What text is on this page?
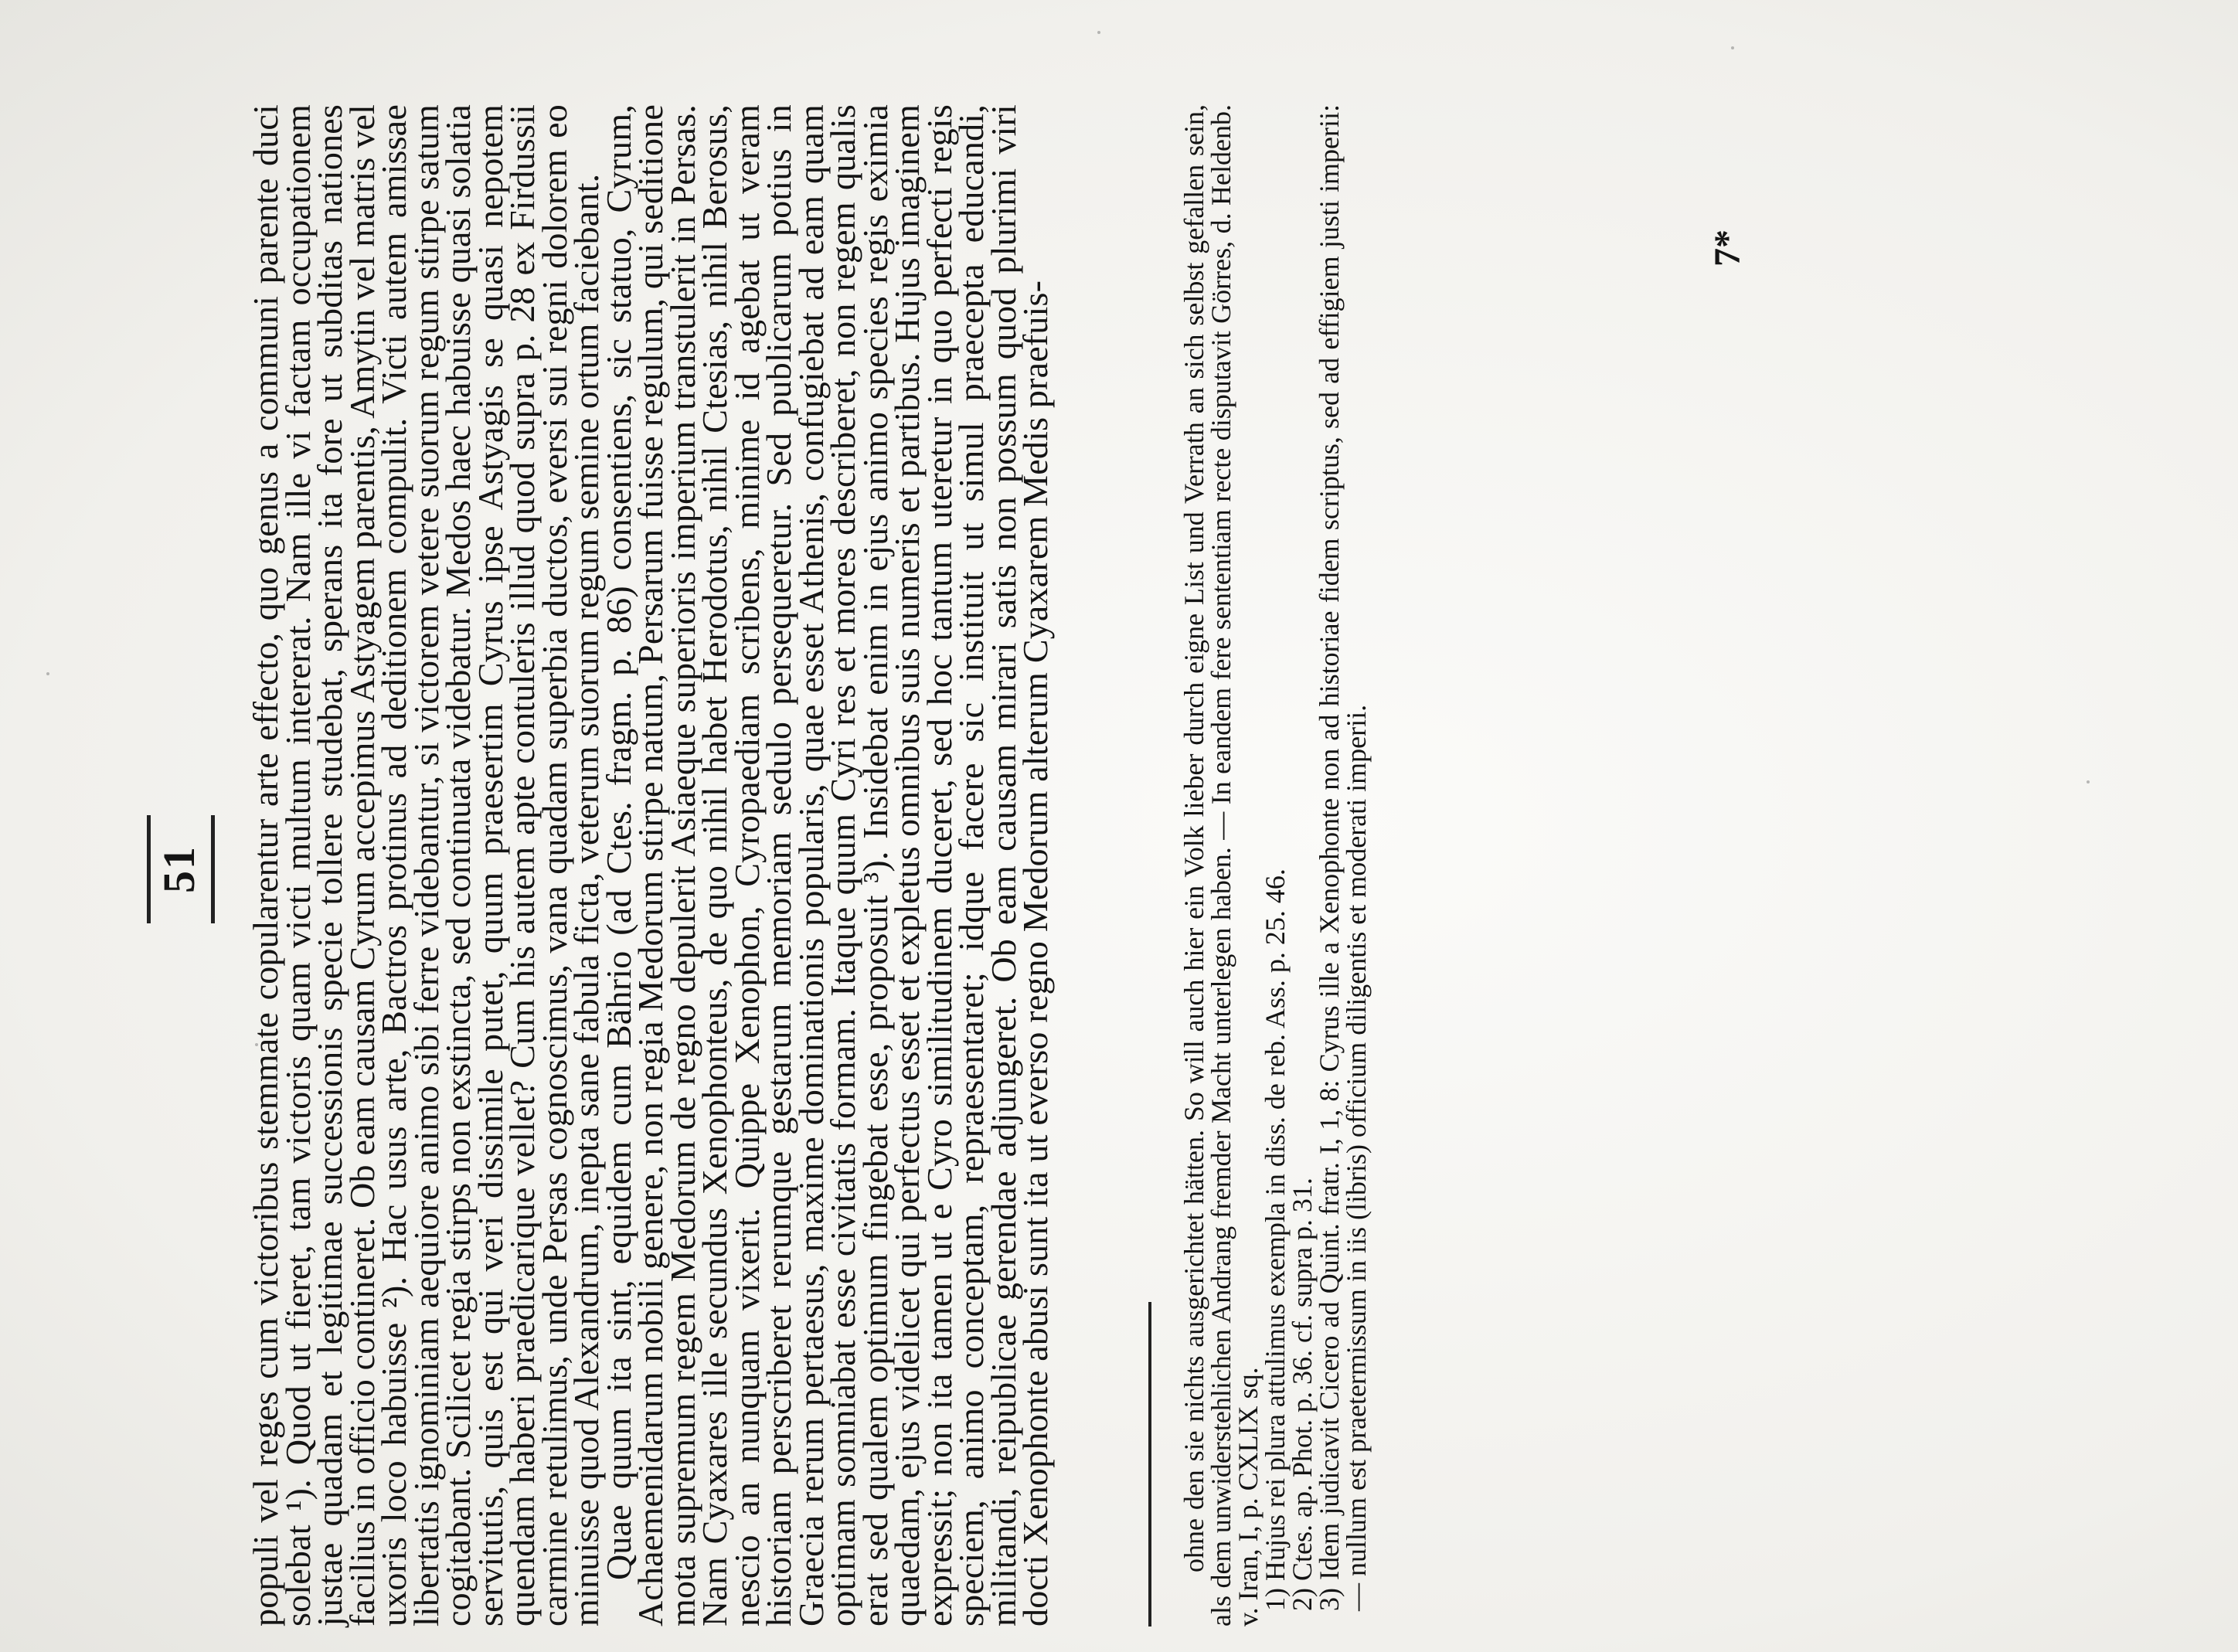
51 populi vel reges cum victoribus stemmate copularentur arte effecto, quo genus a communi parente duci solebat ¹). Quod ut fieret, tam victoris quam victi multum intererat. Nam ille vi factam occupationem justae quadam et legitimae successionis specie tollere studebat, sperans ita fore ut subditas nationes facilius in officio contineret. Ob eam causam Cyrum accepimus Astyagem parentis, Amytin vel matris vel uxoris loco habuisse ²). Hac usus arte, Bactros protinus ad deditionem compulit. Victi autem amissae libertatis ignominiam aequiore animo sibi ferre videbantur, si victorem vetere suorum regum stirpe satum cogitabant. Scilicet regia stirps non exstincta, sed continuata videbatur. Medos haec habuisse quasi solatia servitutis, quis est qui veri dissimile putet, quum praesertim Cyrus ipse Astyagis se quasi nepotem quendam haberi praedicarique vellet? Cum his autem apte contuleris illud quod supra p. 28 ex Firdussii carmine retulimus, unde Persas cognoscimus, vana quadam superbia ductos, eversi sui regni dolorem eo minuisse quod Alexandrum, inepta sane fabula ficta, veterum suorum regum semine ortum faciebant.

Quae quum ita sint, equidem cum Bährio (ad Ctes. fragm. p. 86) consentiens, sic statuo, Cyrum, Achaemenidarum nobili genere, non regia Medorum stirpe natum, Persarum fuisse regulum, qui seditione mota supremum regem Medorum de regno depulerit Asiaeque superioris imperium transtulerit in Persas. Nam Cyaxares ille secundus Xenophonteus, de quo nihil habet Herodotus, nihil Ctesias, nihil Berosus, nescio an nunquam vixerit. Quippe Xenophon, Cyropaediam scribens, minime id agebat ut veram historiam perscriberet rerumque gestarum memoriam sedulo persequeretur. Sed publicarum potius in Graecia rerum pertaesus, maxime dominationis popularis, quae esset Athenis, confugiebat ad eam quam optimam somniabat esse civitatis formam. Itaque quum Cyri res et mores describeret, non regem qualis erat sed qualem optimum fingebat esse, proposuit ³). Insidebat enim in ejus animo species regis eximia quaedam, ejus videlicet qui perfectus esset et expletus omnibus suis numeris et partibus. Hujus imaginem expressit; non ita tamen ut e Cyro similitudinem duceret, sed hoc tantum uteretur in quo perfecti regis speciem, animo conceptam, repraesentaret; idque facere sic instituit ut simul praecepta educandi, militandi, reipublicae gerendae adjungeret. Ob eam causam mirari satis non possum quod plurimi viri docti Xenophonte abusi sunt ita ut everso regno Medorum alterum Cyaxarem Medis praefuis-	ohne den sie nichts ausgerichtet hätten. So will auch hier ein Volk lieber durch eigne List und Verrath an sich selbst gefallen sein, als dem unwiderstehlichen Andrang fremder Macht unterlegen haben. — In eandem fere sententiam recte disputavit Görres, d. Heldenb. v. Iran, I, p. CXLIX sq.

1) Hujus rei plura attulimus exempla in diss. de reb. Ass. p. 25. 46.

2) Ctes. ap. Phot. p. 36. cf. supra p. 31.

3) Idem judicavit Cicero ad Quint. fratr. I, 1, 8: Cyrus ille a Xenophonte non ad historiae fidem scriptus, sed ad effigiem justi imperii: — nullum est praetermissum in iis (libris) officium diligentis et moderati imperii.

7*
